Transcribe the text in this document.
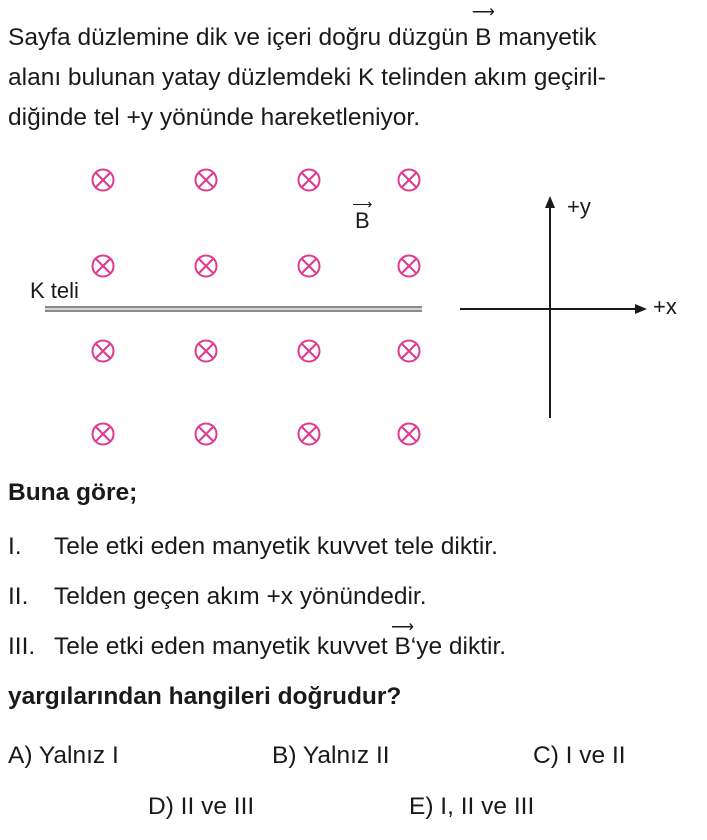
Sayfa düzlemine dik ve içeri doğru düzgün
⟶
B manyetik
alanı bulunan yatay düzlemdeki K telinden akım geçiril-
diğinde tel +y yönünde hareketleniyor.
⟶
B
K teli
+y
+x
Buna göre;
I. Tele etki eden manyetik kuvvet tele diktir.
II. Telden geçen akım +x yönündedir.
III. Tele etki eden manyetik kuvvet
⟶
B‘ye diktir.
yargılarından hangileri doğrudur?
A) Yalnız I	B) Yalnız II	C) I ve II
D) II ve III	E) I, II ve III
